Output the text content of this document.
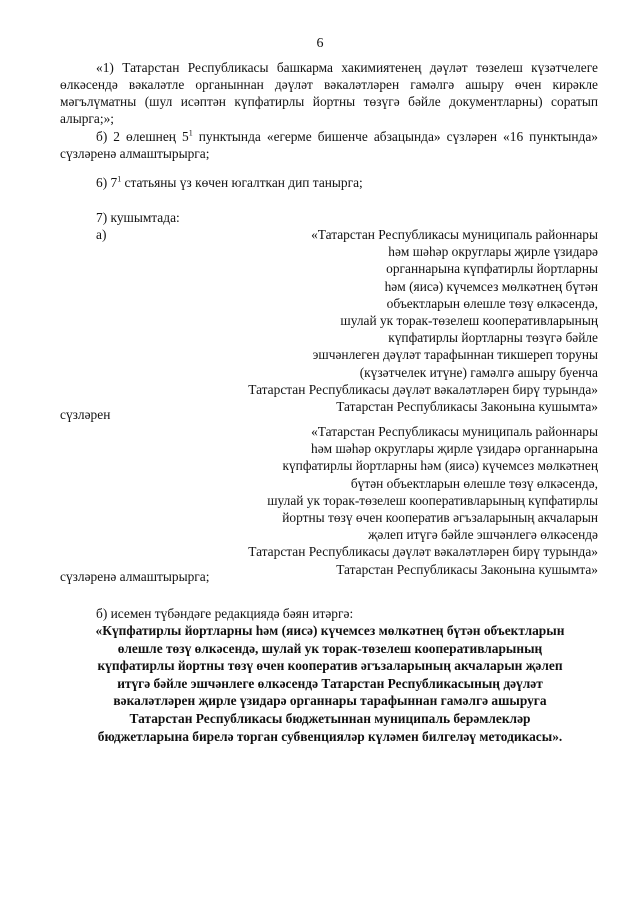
6
«1) Татарстан Республикасы башкарма хакимиятенең дәүләт төзелеш күзәтчелеге өлкәсендә вәкаләтле органыннан дәүләт вәкаләтләрен гамәлгә ашыру өчен кирәкле мәгълүматны (шул исәптән күпфатирлы йортны төзүгә бәйле документларны) соратып алырга;»;
б) 2 өлешнең $5^1$ пунктында «егерме бишенче абзацында» сүзләрен «16 пунктында» сүзләренә алмаштырырга;
6) $7^1$ статьяны үз көчен югалткан дип танырга;
7) кушымтада:
а)	«Татарстан Республикасы муниципаль районнары
һәм шәһәр округлары җирле үзидарә
органнарына күпфатирлы йортларны
һәм (яисә) күчемсез мөлкәтнең бүтән
объектларын өлешле төзү өлкәсендә,
шулай ук торак-төзелеш кооперативларының
күпфатирлы йортларны төзүгә бәйле
эшчәнлеген дәүләт тарафыннан тикшереп торуны
(күзәтчелек итүне) гамәлгә ашыру буенча
Татарстан Республикасы дәүләт вәкаләтләрен бирү турында»
Татарстан Республикасы Законына кушымта»
сүзләрен
«Татарстан Республикасы муниципаль районнары
һәм шәһәр округлары җирле үзидарә органнарына
күпфатирлы йортларны һәм (яисә) күчемсез мөлкәтнең
бүтән объектларын өлешле төзү өлкәсендә,
шулай ук торак-төзелеш кооперативларының күпфатирлы
йортны төзү өчен кооператив әгъзаларының акчаларын
җәлеп итүгә бәйле эшчәнлегә өлкәсендә
Татарстан Республикасы дәүләт вәкаләтләрен бирү турында»
Татарстан Республикасы Законына кушымта»
сүзләренә алмаштырырга;
б) исемен түбәндәге редакциядә бәян итәргә:
«Күпфатирлы йортларны һәм (яисә) күчемсез мөлкәтнең бүтән объектларын
өлешле төзү өлкәсендә, шулай ук торак-төзелеш кооперативларының
күпфатирлы йортны төзү өчен кооператив әгъзаларының акчаларын җәлеп
итүгә бәйле эшчәнлеге өлкәсендә Татарстан Республикасының дәүләт
вәкаләтләрен җирле үзидарә органнары тарафыннан гамәлгә ашыруга
Татарстан Республикасы бюджетыннан муниципаль берәмлекләр
бюджетларына бирелә торган субвенцияләр күләмен билгеләү методикасы».
